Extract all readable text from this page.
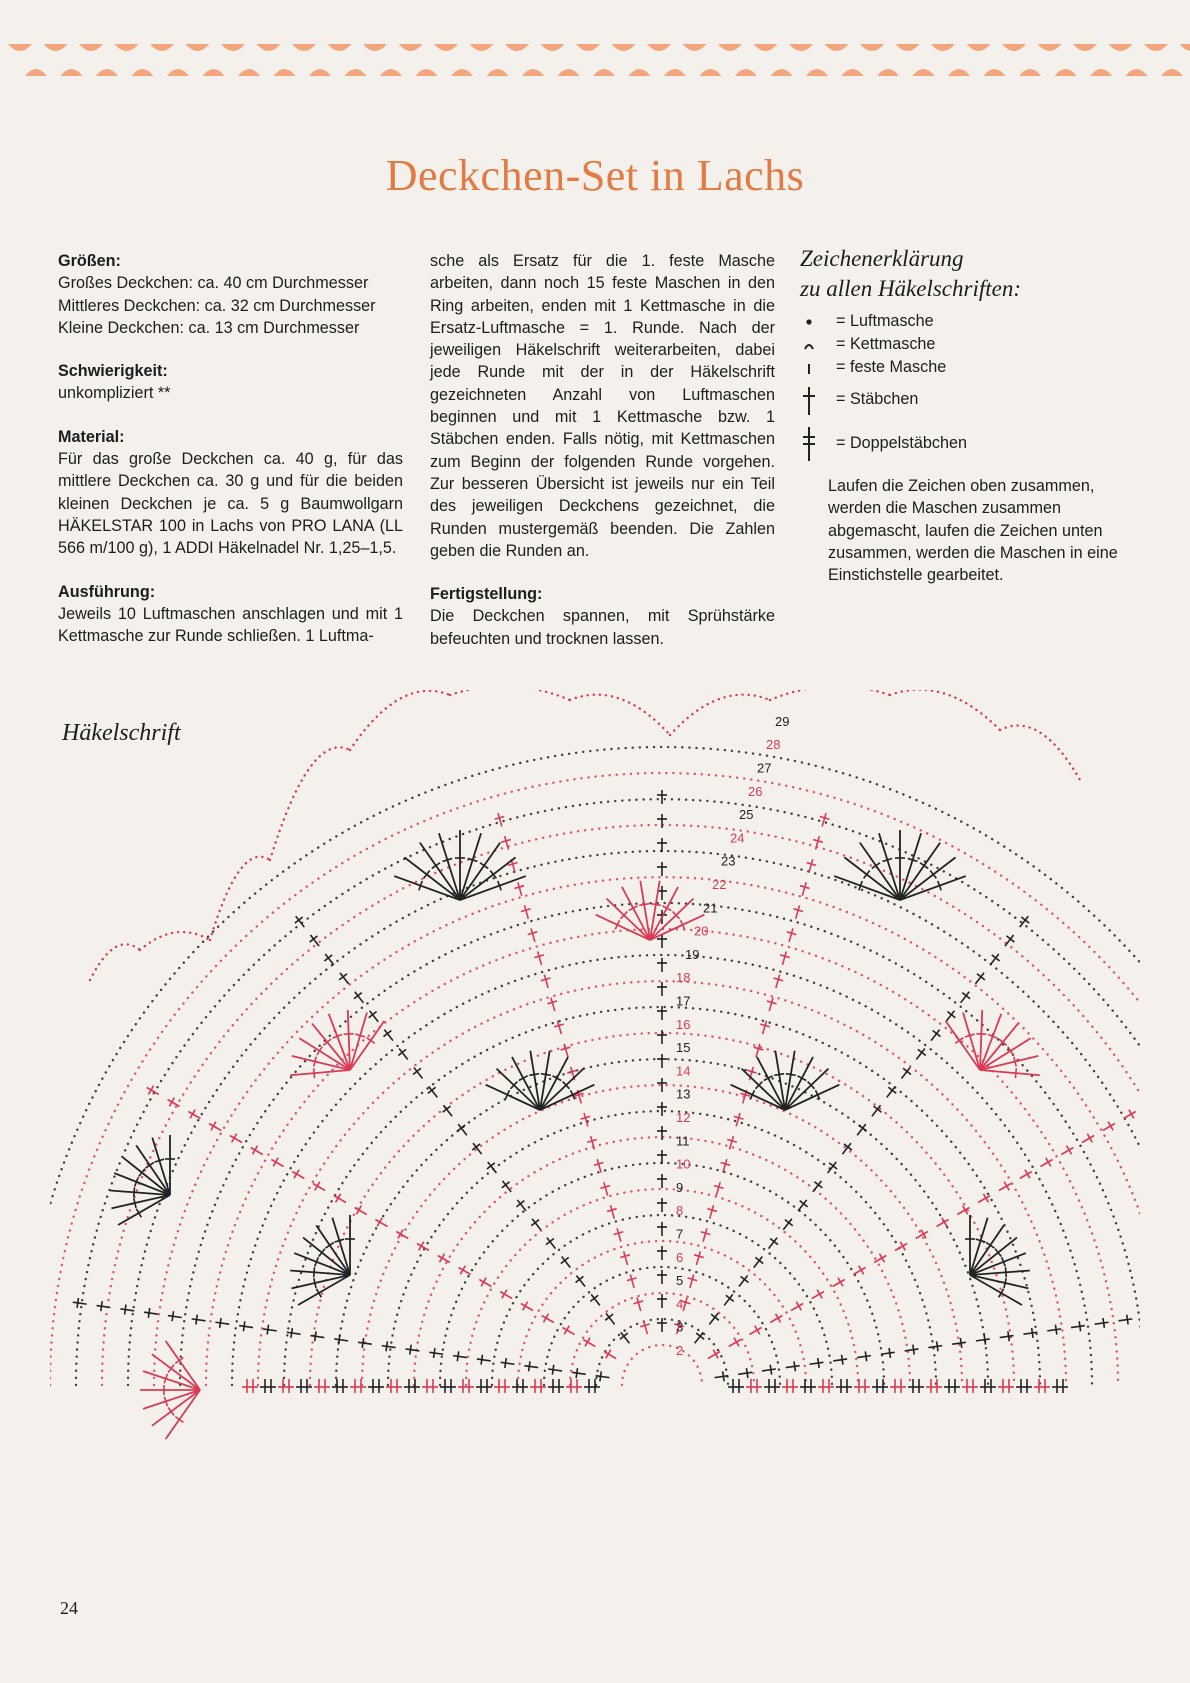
Deckchen-Set in Lachs
Größen:

Großes Deckchen: ca. 40 cm Durchmesser
Mittleres Deckchen: ca. 32 cm Durchmesser
Kleine Deckchen: ca. 13 cm Durchmesser

Schwierigkeit:

unkompliziert **

Material:

Für das große Deckchen ca. 40 g, für das mittlere Deckchen ca. 30 g und für die beiden kleinen Deckchen je ca. 5 g Baumwollgarn HÄKELSTAR 100 in Lachs von PRO LANA (LL 566 m/100 g), 1 ADDI Häkelnadel Nr. 1,25–1,5.

Ausführung:

Jeweils 10 Luftmaschen anschlagen und mit 1 Kettmasche zur Runde schließen. 1 Luftma-

sche als Ersatz für die 1. feste Masche arbeiten, dann noch 15 feste Maschen in den Ring arbeiten, enden mit 1 Kettmasche in die Ersatz-Luftmasche = 1. Runde. Nach der jeweiligen Häkelschrift weiterarbeiten, dabei jede Runde mit der in der Häkelschrift gezeichneten Anzahl von Luftmaschen beginnen und mit 1 Kettmasche bzw. 1 Stäbchen enden. Falls nötig, mit Kettmaschen zum Beginn der folgenden Runde vorgehen. Zur besseren Übersicht ist jeweils nur ein Teil des jeweiligen Deckchens gezeichnet, die Runden mustergemäß beenden. Die Zahlen geben die Runden an.

Fertigstellung:

Die Deckchen spannen, mit Sprühstärke befeuchten und trocknen lassen.

Zeichenerklärung
zu allen Häkelschriften:
= Luftmasche
= Kettmasche
= feste Masche
= Stäbchen
= Doppelstäbchen
Laufen die Zeichen oben zusammen, werden die Maschen zusammen abgemascht, laufen die Zeichen unten zusammen, werden die Maschen in eine Einstichstelle gearbeitet.
Häkelschrift
2
3
4
5
6
7
8
9
10
11
12
13
14
15
16
17
18
19
20
21
22
23
24
25
26
27
28
29
24
